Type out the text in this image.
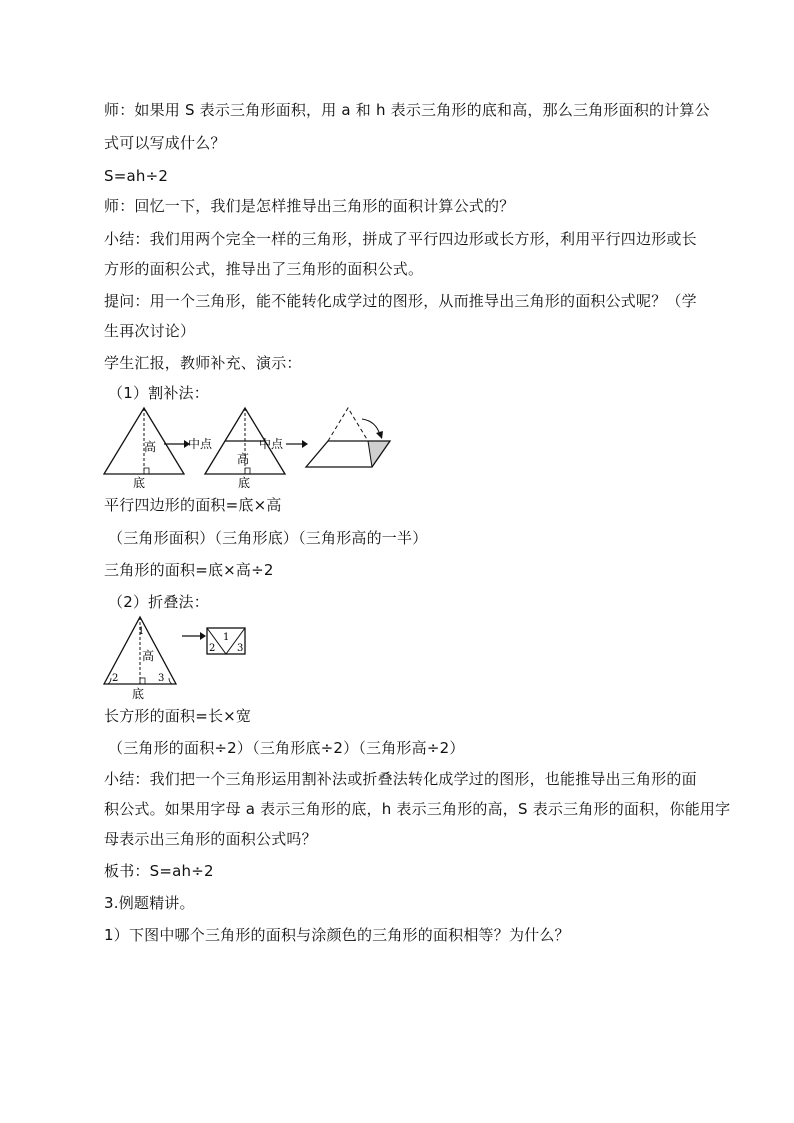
师：如果用 S 表示三角形面积，用 a 和 h 表示三角形的底和高，那么三角形面积的计算公
式可以写成什么？
S=ah÷2
师：回忆一下，我们是怎样推导出三角形的面积计算公式的？
小结：我们用两个完全一样的三角形，拼成了平行四边形或长方形，利用平行四边形或长
方形的面积公式，推导出了三角形的面积公式。
提问：用一个三角形，能不能转化成学过的图形，从而推导出三角形的面积公式呢？（学
生再次讨论）
学生汇报，教师补充、演示：
（1）割补法：
高
底
中点
高
底
中点
平行四边形的面积=底×高
（三角形面积）（三角形底）（三角形高的一半）
三角形的面积=底×高÷2
（2）折叠法：
1
高
2	3
底
1
2 3
长方形的面积=长×宽
（三角形的面积÷2）（三角形底÷2）（三角形高÷2）
小结：我们把一个三角形运用割补法或折叠法转化成学过的图形，也能推导出三角形的面
积公式。如果用字母 a 表示三角形的底，h 表示三角形的高，S 表示三角形的面积，你能用字
母表示出三角形的面积公式吗？
板书：S=ah÷2
3.例题精讲。
1）下图中哪个三角形的面积与涂颜色的三角形的面积相等？为什么？
